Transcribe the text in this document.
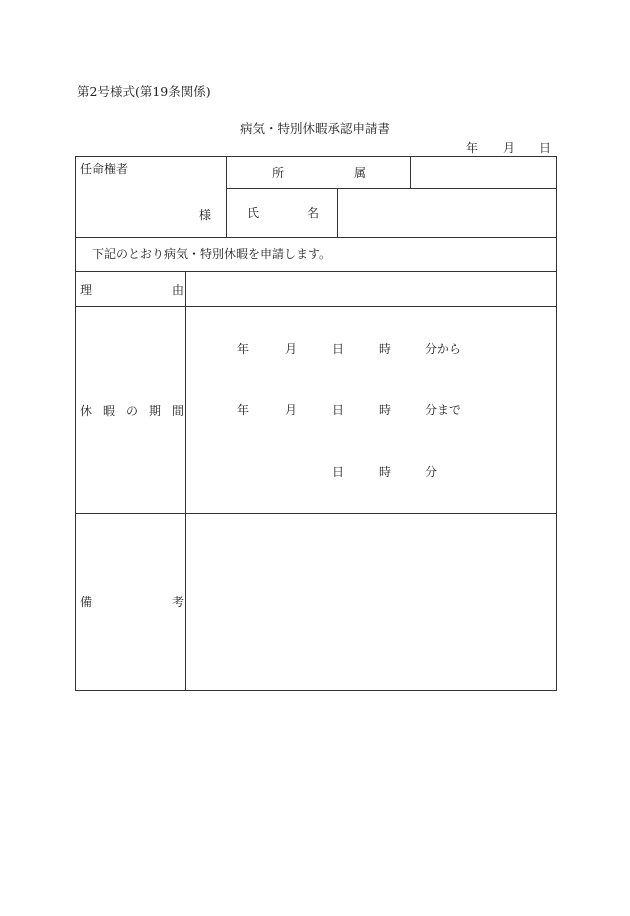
第2号様式(第19条関係)
病気・特別休暇承認申請書
年 月 日
任命権者
様
所	属
氏	名
下記のとおり病気・特別休暇を申請します。
理	由
休 暇 の 期 間
年	月	日	時	分から
年	月	日	時	分まで
日	時	分
備	考
